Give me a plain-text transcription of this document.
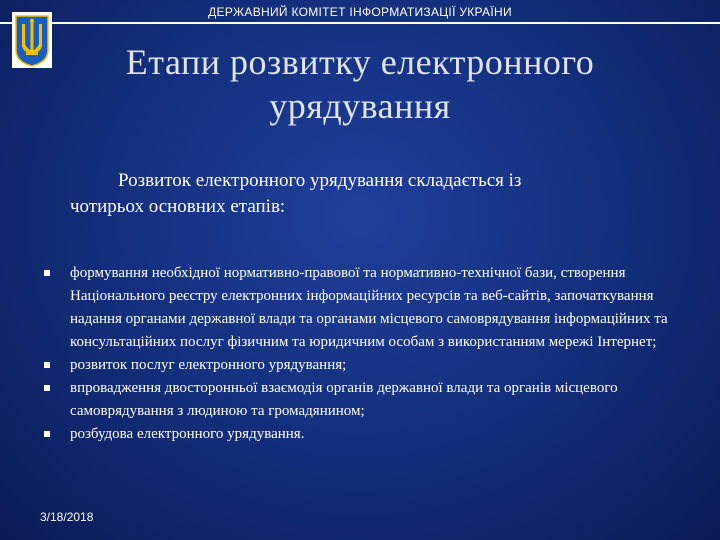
ДЕРЖАВНИЙ КОМІТЕТ ІНФОРМАТИЗАЦІЇ УКРАЇНИ
Етапи розвитку електронного
урядування
Розвиток електронного урядування складається із
чотирьох основних етапів:
формування необхідної нормативно-правової та нормативно-технічної бази, створення Національного реєстру електронних інформаційних ресурсів та веб-сайтів, започаткування надання органами державної влади та органами місцевого самоврядування інформаційних та консультаційних послуг фізичним та юридичним особам з використанням мережі Інтернет;
розвиток послуг електронного урядування;
впровадження двосторонньої взаємодія органів державної влади та органів місцевого самоврядування з людиною та громадянином;
розбудова електронного урядування.
3/18/2018
